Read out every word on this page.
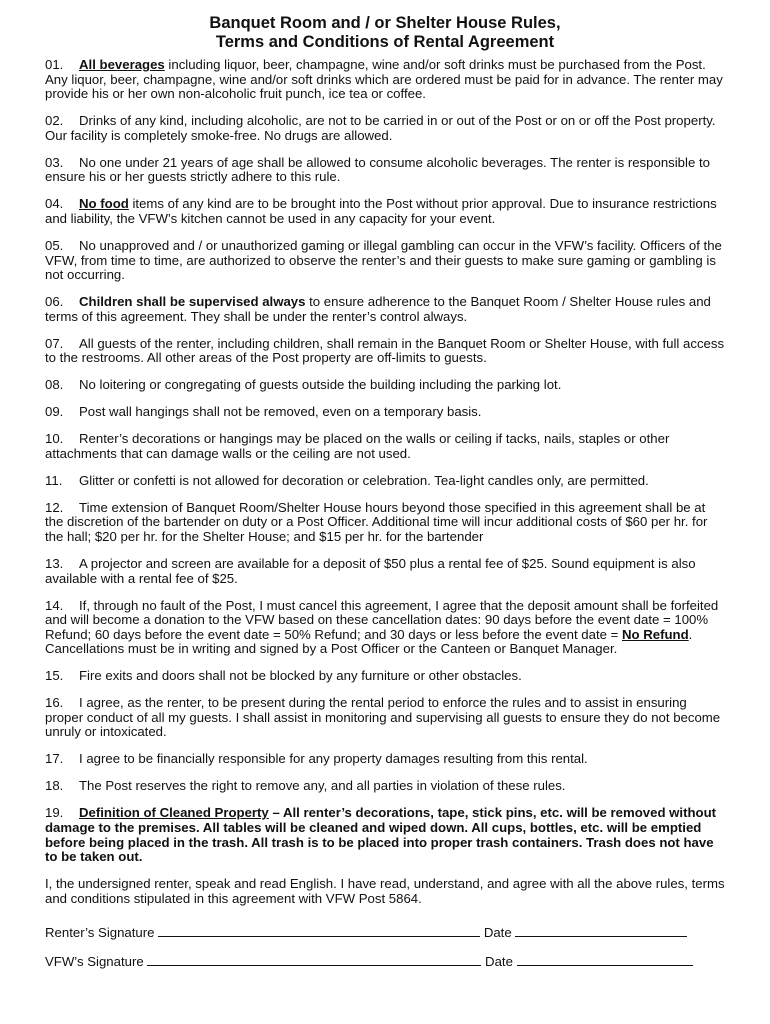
Banquet Room and / or Shelter House Rules,
Terms and Conditions of Rental Agreement
01. All beverages including liquor, beer, champagne, wine and/or soft drinks must be purchased from the Post. Any liquor, beer, champagne, wine and/or soft drinks which are ordered must be paid for in advance. The renter may provide his or her own non-alcoholic fruit punch, ice tea or coffee.
02. Drinks of any kind, including alcoholic, are not to be carried in or out of the Post or on or off the Post property. Our facility is completely smoke-free. No drugs are allowed.
03. No one under 21 years of age shall be allowed to consume alcoholic beverages. The renter is responsible to ensure his or her guests strictly adhere to this rule.
04. No food items of any kind are to be brought into the Post without prior approval. Due to insurance restrictions and liability, the VFW’s kitchen cannot be used in any capacity for your event.
05. No unapproved and / or unauthorized gaming or illegal gambling can occur in the VFW’s facility. Officers of the VFW, from time to time, are authorized to observe the renter’s and their guests to make sure gaming or gambling is not occurring.
06. Children shall be supervised always to ensure adherence to the Banquet Room / Shelter House rules and terms of this agreement. They shall be under the renter’s control always.
07. All guests of the renter, including children, shall remain in the Banquet Room or Shelter House, with full access to the restrooms. All other areas of the Post property are off-limits to guests.
08. No loitering or congregating of guests outside the building including the parking lot.
09. Post wall hangings shall not be removed, even on a temporary basis.
10. Renter’s decorations or hangings may be placed on the walls or ceiling if tacks, nails, staples or other attachments that can damage walls or the ceiling are not used.
11. Glitter or confetti is not allowed for decoration or celebration. Tea-light candles only, are permitted.
12. Time extension of Banquet Room/Shelter House hours beyond those specified in this agreement shall be at the discretion of the bartender on duty or a Post Officer. Additional time will incur additional costs of $60 per hr. for the hall; $20 per hr. for the Shelter House; and $15 per hr. for the bartender
13. A projector and screen are available for a deposit of $50 plus a rental fee of $25. Sound equipment is also available with a rental fee of $25.
14. If, through no fault of the Post, I must cancel this agreement, I agree that the deposit amount shall be forfeited and will become a donation to the VFW based on these cancellation dates: 90 days before the event date = 100% Refund; 60 days before the event date = 50% Refund; and 30 days or less before the event date = No Refund. Cancellations must be in writing and signed by a Post Officer or the Canteen or Banquet Manager.
15. Fire exits and doors shall not be blocked by any furniture or other obstacles.
16. I agree, as the renter, to be present during the rental period to enforce the rules and to assist in ensuring proper conduct of all my guests. I shall assist in monitoring and supervising all guests to ensure they do not become unruly or intoxicated.
17. I agree to be financially responsible for any property damages resulting from this rental.
18. The Post reserves the right to remove any, and all parties in violation of these rules.
19. Definition of Cleaned Property – All renter’s decorations, tape, stick pins, etc. will be removed without damage to the premises. All tables will be cleaned and wiped down. All cups, bottles, etc. will be emptied before being placed in the trash. All trash is to be placed into proper trash containers. Trash does not have to be taken out.
I, the undersigned renter, speak and read English. I have read, understand, and agree with all the above rules, terms and conditions stipulated in this agreement with VFW Post 5864.
Renter’s Signature	Date
VFW’s Signature	Date
